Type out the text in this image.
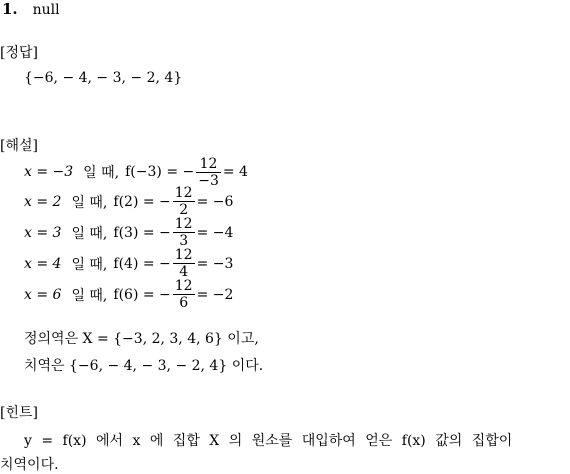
1. null
[정답]
{−6, − 4, − 3, − 2, 4}
[해설]
x = −3 일 때, f(−3) = − $\frac{12}{-3} = 4$
x = 2 일 때, f(2) = − $\frac{12}{2} = -6$
x = 3 일 때, f(3) = − $\frac{12}{3} = -4$
x = 4 일 때, f(4) = − $\frac{12}{4} = -3$
x = 6 일 때, f(6) = − $\frac{12}{6} = -2$
정의역은 X = {−3, 2, 3, 4, 6} 이고,
치역은 {−6, − 4, − 3, − 2, 4} 이다.
[힌트]
y = f(x) 에서 x 에 집합 X 의 원소를 대입하여 얻은 f(x) 값의 집합이
치역이다.
